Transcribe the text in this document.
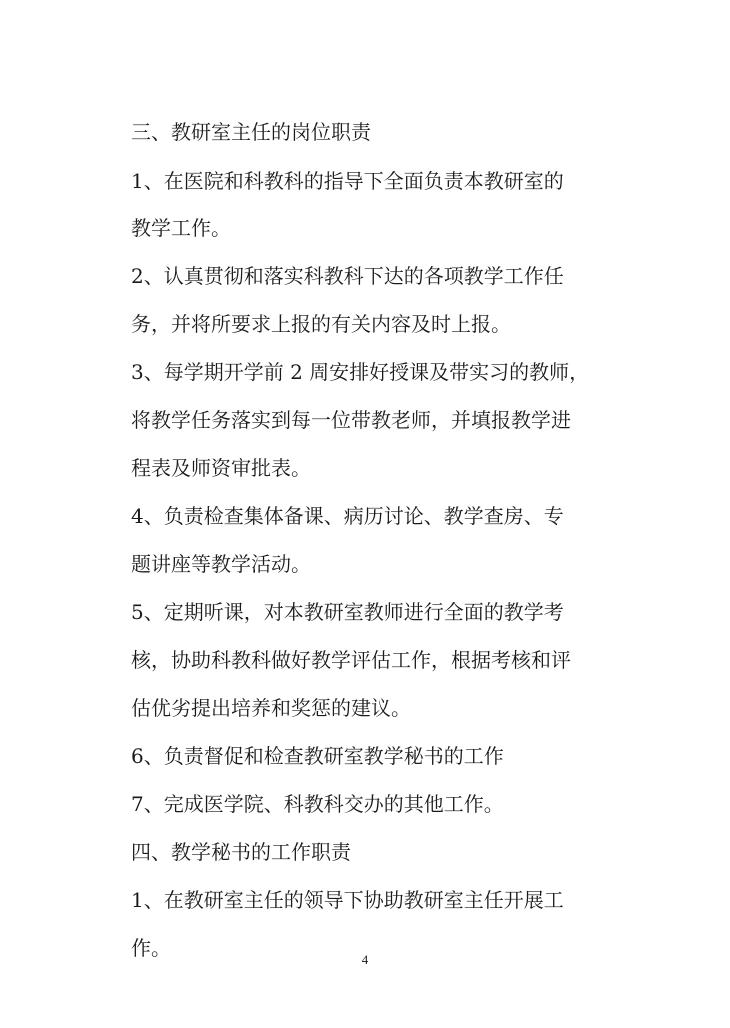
三、教研室主任的岗位职责

1、在医院和科教科的指导下全面负责本教研室的

教学工作。

2、认真贯彻和落实科教科下达的各项教学工作任

务，并将所要求上报的有关内容及时上报。

3、每学期开学前 2 周安排好授课及带实习的教师，

将教学任务落实到每一位带教老师，并填报教学进

程表及师资审批表。

4、负责检查集体备课、病历讨论、教学查房、专

题讲座等教学活动。

5、定期听课，对本教研室教师进行全面的教学考

核，协助科教科做好教学评估工作，根据考核和评

估优劣提出培养和奖惩的建议。

6、负责督促和检查教研室教学秘书的工作

7、完成医学院、科教科交办的其他工作。

四、教学秘书的工作职责

1、在教研室主任的领导下协助教研室主任开展工

作。	4
